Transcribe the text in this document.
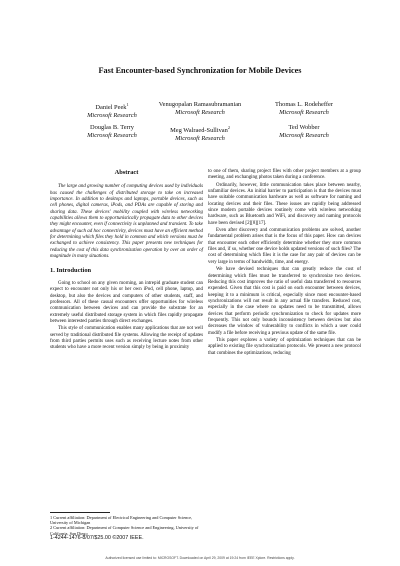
Fast Encounter-based Synchronization for Mobile Devices
Daniel Peek$^1$
Microsoft Research
Venugopalan Ramasubramanian
Microsoft Research
Thomas L. Rodeheffer
Microsoft Research
Douglas B. Terry
Microsoft Research
Meg Walraed-Sullivan$^2$
Microsoft Research
Ted Wobber
Microsoft Research
Abstract

The large and growing number of computing devices used by individuals has caused the challenges of distributed storage to take on increased importance. In addition to desktops and laptops, portable devices, such as cell phones, digital cameras, iPods, and PDAs are capable of storing and sharing data. These devices' mobility coupled with wireless networking capabilities allows them to opportunistically propagate data to other devices they might encounter, even if connectivity is unplanned and transient. To take advantage of such ad hoc connectivity, devices must have an efficient method for determining which files they hold in common and which versions must be exchanged to achieve consistency. This paper presents new techniques for reducing the cost of this data synchronization operation by over an order of magnitude in many situations.

1. Introduction

Going to school on any given morning, an intrepid graduate student can expect to encounter not only his or her own iPod, cell phone, laptop, and desktop, but also the devices and computers of other students, staff, and professors. All of these casual encounters offer opportunities for wireless communication between devices and can provide the substrate for an extremely useful distributed storage system in which files rapidly propagate between interested parties through direct exchanges.

This style of communication enables many applications that are not well served by traditional distributed file systems. Allowing the receipt of updates from third parties permits uses such as receiving lecture notes from other students who have a more recent version simply by being in proximity

to one of them, sharing project files with other project members at a group meeting, and exchanging photos taken during a conference.

Ordinarily, however, little communication takes place between nearby, unfamiliar devices. An initial barrier to participation is that the devices must have suitable communication hardware as well as software for naming and locating devices and their files. These issues are rapidly being addressed since modern portable devices routinely come with wireless networking hardware, such as Bluetooth and WiFi, and discovery and naming protocols have been devised [2][8][17].

Even after discovery and communication problems are solved, another fundamental problem arises that is the focus of this paper. How can devices that encounter each other efficiently determine whether they store common files and, if so, whether one device holds updated versions of such files? The cost of determining which files it is the case for any pair of devices can be very large in terms of bandwidth, time, and energy.

We have devised techniques that can greatly reduce the cost of determining which files must be transferred to synchronize two devices. Reducing this cost improves the ratio of useful data transferred to resources expended. Given that this cost is paid on each encounter between devices, keeping it to a minimum is critical, especially since most encounter-based synchronizations will not result in any actual file transfers. Reduced cost, especially in the case where no updates need to be transmitted, allows devices that perform periodic synchronization to check for updates more frequently. This not only bounds inconsistency between devices but also decreases the window of vulnerability to conflicts in which a user could modify a file before receiving a previous update of the same file.

This paper explores a variety of optimization techniques that can be applied to existing file synchronization protocols. We present a new protocol that combines the optimizations, reducing

1 Current affiliation: Department of Electrical Engineering and Computer Science, University of Michigan

2 Current affiliation: Department of Computer Science and Engineering, University of California, San Diego

1-4244-1476-8/07/$25.00 ©2007 IEEE.
Authorized licensed use limited to: MICROSOFT. Downloaded on April 29, 2009 at 19:24 from IEEE Xplore. Restrictions apply.
